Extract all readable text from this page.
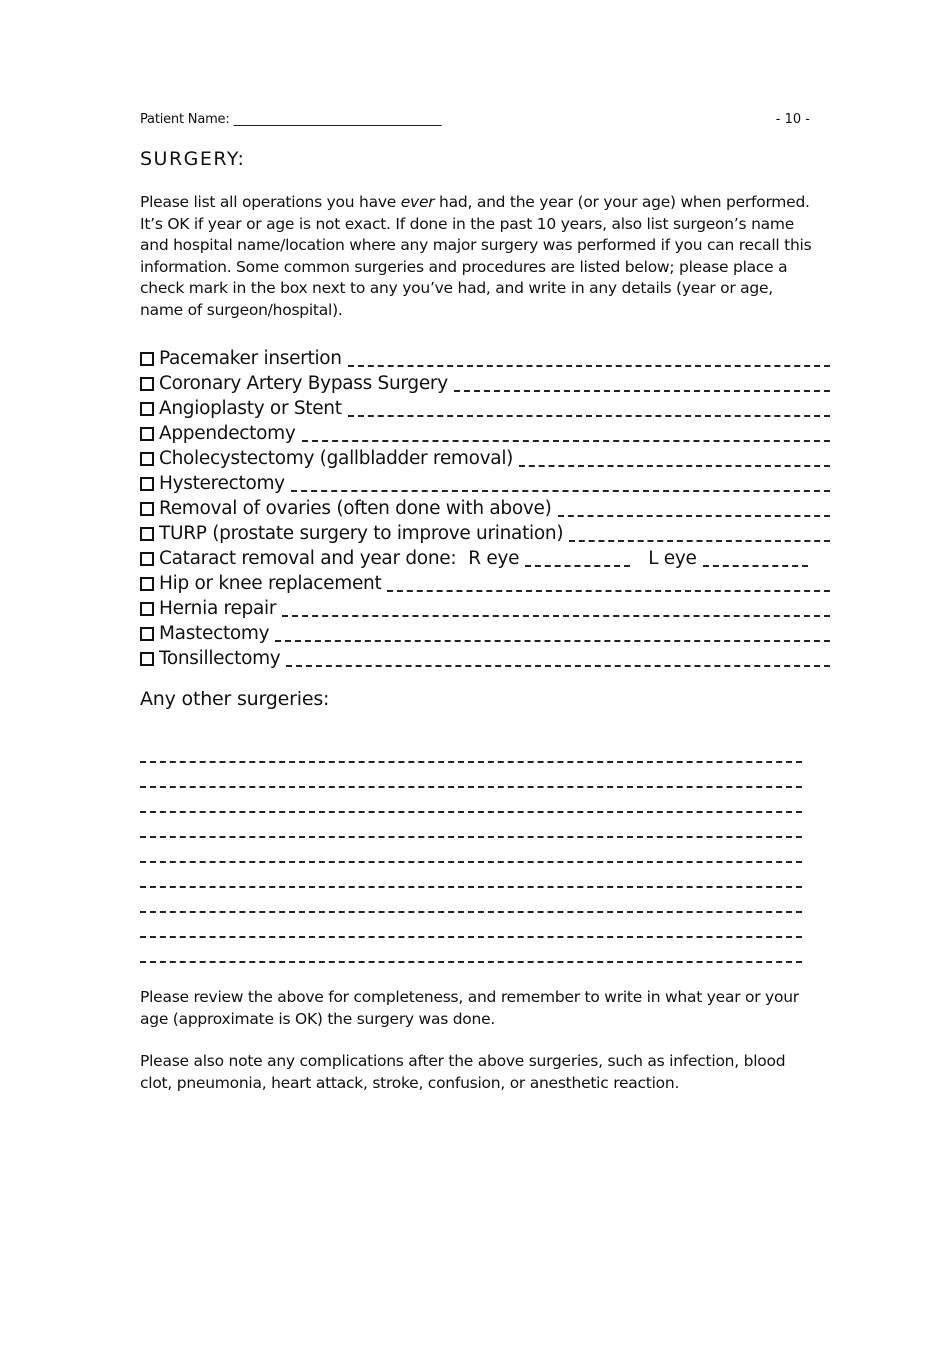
Patient Name: _________________________________	- 10 -
SURGERY:
Please list all operations you have ever had, and the year (or your age) when performed. It’s OK if year or age is not exact. If done in the past 10 years, also list surgeon’s name and hospital name/location where any major surgery was performed if you can recall this information. Some common surgeries and procedures are listed below; please place a check mark in the box next to any you’ve had, and write in any details (year or age, name of surgeon/hospital).
Pacemaker insertion
Coronary Artery Bypass Surgery
Angioplasty or Stent
Appendectomy
Cholecystectomy (gallbladder removal)
Hysterectomy
Removal of ovaries (often done with above)
TURP (prostate surgery to improve urination)
Cataract removal and year done: R eye	L eye
Hip or knee replacement
Hernia repair
Mastectomy
Tonsillectomy
Any other surgeries:
Please review the above for completeness, and remember to write in what year or your age (approximate is OK) the surgery was done.
Please also note any complications after the above surgeries, such as infection, blood clot, pneumonia, heart attack, stroke, confusion, or anesthetic reaction.
